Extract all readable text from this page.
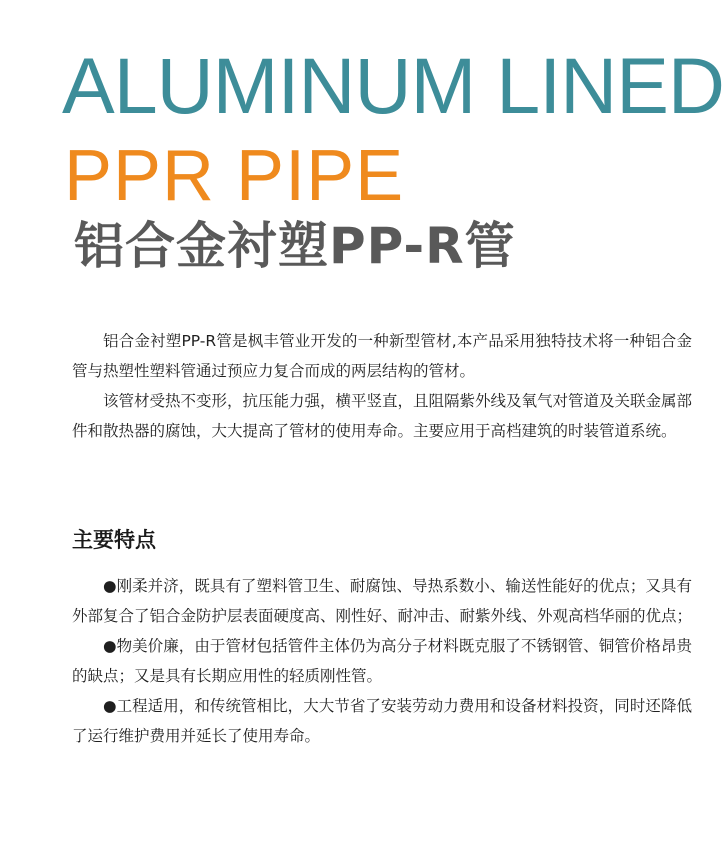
ALUMINUM LINED
PPR PIPE
铝合金衬塑PP-R管

铝合金衬塑PP-R管是枫丰管业开发的一种新型管材,本产品采用独特技术将一种铝合金管与热塑性塑料管通过预应力复合而成的两层结构的管材。

该管材受热不变形，抗压能力强，横平竖直，且阻隔紫外线及氧气对管道及关联金属部件和散热器的腐蚀，大大提高了管材的使用寿命。主要应用于高档建筑的时装管道系统。

主要特点

●刚柔并济，既具有了塑料管卫生、耐腐蚀、导热系数小、输送性能好的优点；又具有外部复合了铝合金防护层表面硬度高、刚性好、耐冲击、耐紫外线、外观高档华丽的优点；

●物美价廉，由于管材包括管件主体仍为高分子材料既克服了不锈钢管、铜管价格昂贵的缺点；又是具有长期应用性的轻质刚性管。

●工程适用，和传统管相比，大大节省了安装劳动力费用和设备材料投资，同时还降低了运行维护费用并延长了使用寿命。
